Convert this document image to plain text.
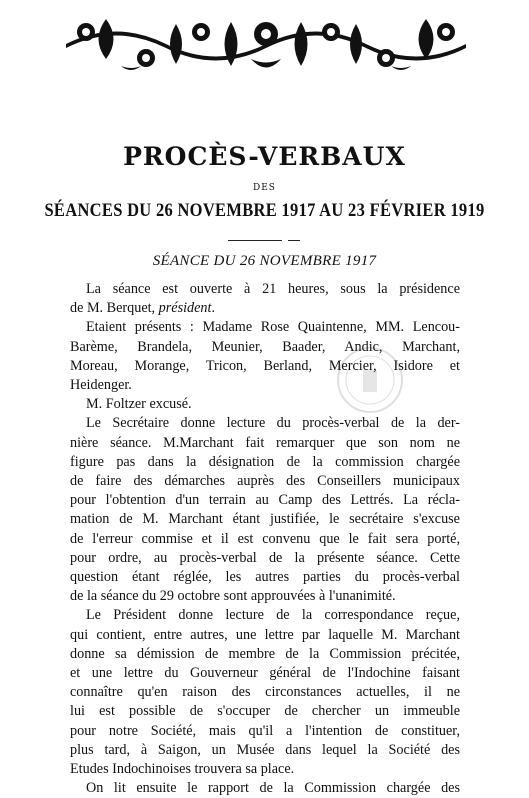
PROCÈS-VERBAUX
DES
SÉANCES DU 26 NOVEMBRE 1917 AU 23 FÉVRIER 1919
SÉANCE DU 26 NOVEMBRE 1917
La séance est ouverte à 21 heures, sous la présidence
de M. Berquet, président.
Etaient présents : Madame Rose Quaintenne, MM. Lencou-
Barème, Brandela, Meunier, Baader, Andic, Marchant,
Moreau, Morange, Tricon, Berland, Mercier, Isidore et
Heidenger.
M. Foltzer excusé.
Le Secrétaire donne lecture du procès-verbal de la der-
nière séance. M.Marchant fait remarquer que son nom ne
figure pas dans la désignation de la commission chargée
de faire des démarches auprès des Conseillers municipaux
pour l'obtention d'un terrain au Camp des Lettrés. La récla-
mation de M. Marchant étant justifiée, le secrétaire s'excuse
de l'erreur commise et il est convenu que le fait sera porté,
pour ordre, au procès-verbal de la présente séance. Cette
question étant réglée, les autres parties du procès-verbal
de la séance du 29 octobre sont approuvées à l'unanimité.
Le Président donne lecture de la correspondance reçue,
qui contient, entre autres, une lettre par laquelle M. Marchant
donne sa démission de membre de la Commission précitée,
et une lettre du Gouverneur général de l'Indochine faisant
connaître qu'en raison des circonstances actuelles, il ne
lui est possible de s'occuper de chercher un immeuble
pour notre Société, mais qu'il a l'intention de constituer,
plus tard, à Saigon, un Musée dans lequel la Société des
Etudes Indochinoises trouvera sa place.
On lit ensuite le rapport de la Commission chargée des
